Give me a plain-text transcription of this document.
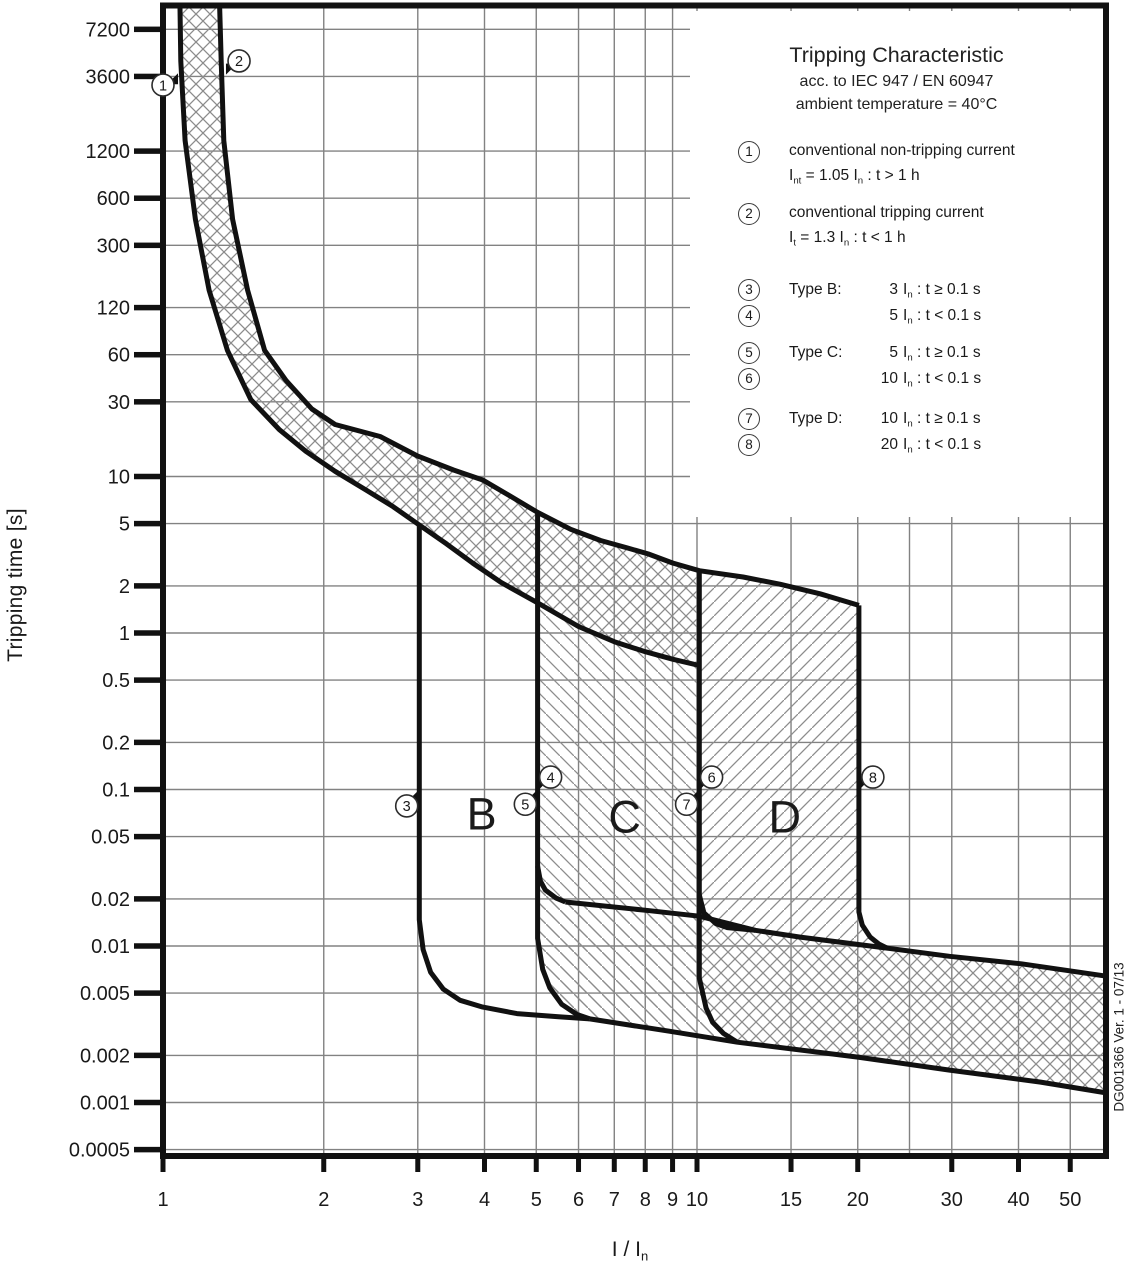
1	2	3	4 5 6 7 8 9 10	15 20	30 40 50
7200
3600
1200
600
300
120
60
30
10
5
2
1
0.5
0.2
0.1
0.05
0.02
0.01
0.005
0.002
0.001
0.0005
B C	D
1
2
3
4
5
6
7
8
Tripping time [s]
I / $I_n$
DG001366 Ver. 1 - 07/13
Tripping Characteristic
acc. to IEC 947 / EN 60947
ambient temperature = 40°C
1	conventional non-tripping current
$I_{nt} = 1.05$ $I_n$ : t > 1 h
2	conventional tripping current
$I_t = 1.3$ $I_n$ : t < 1 h
3	Type B:	3 $I_n$ : t ≥ 0.1 s
4	5 $I_n$ : t < 0.1 s
5	Type C:	5 $I_n$ : t ≥ 0.1 s
6	10 $I_n$ : t < 0.1 s
7	Type D:	10 $I_n$ : t ≥ 0.1 s
8	20 $I_n$ : t < 0.1 s
